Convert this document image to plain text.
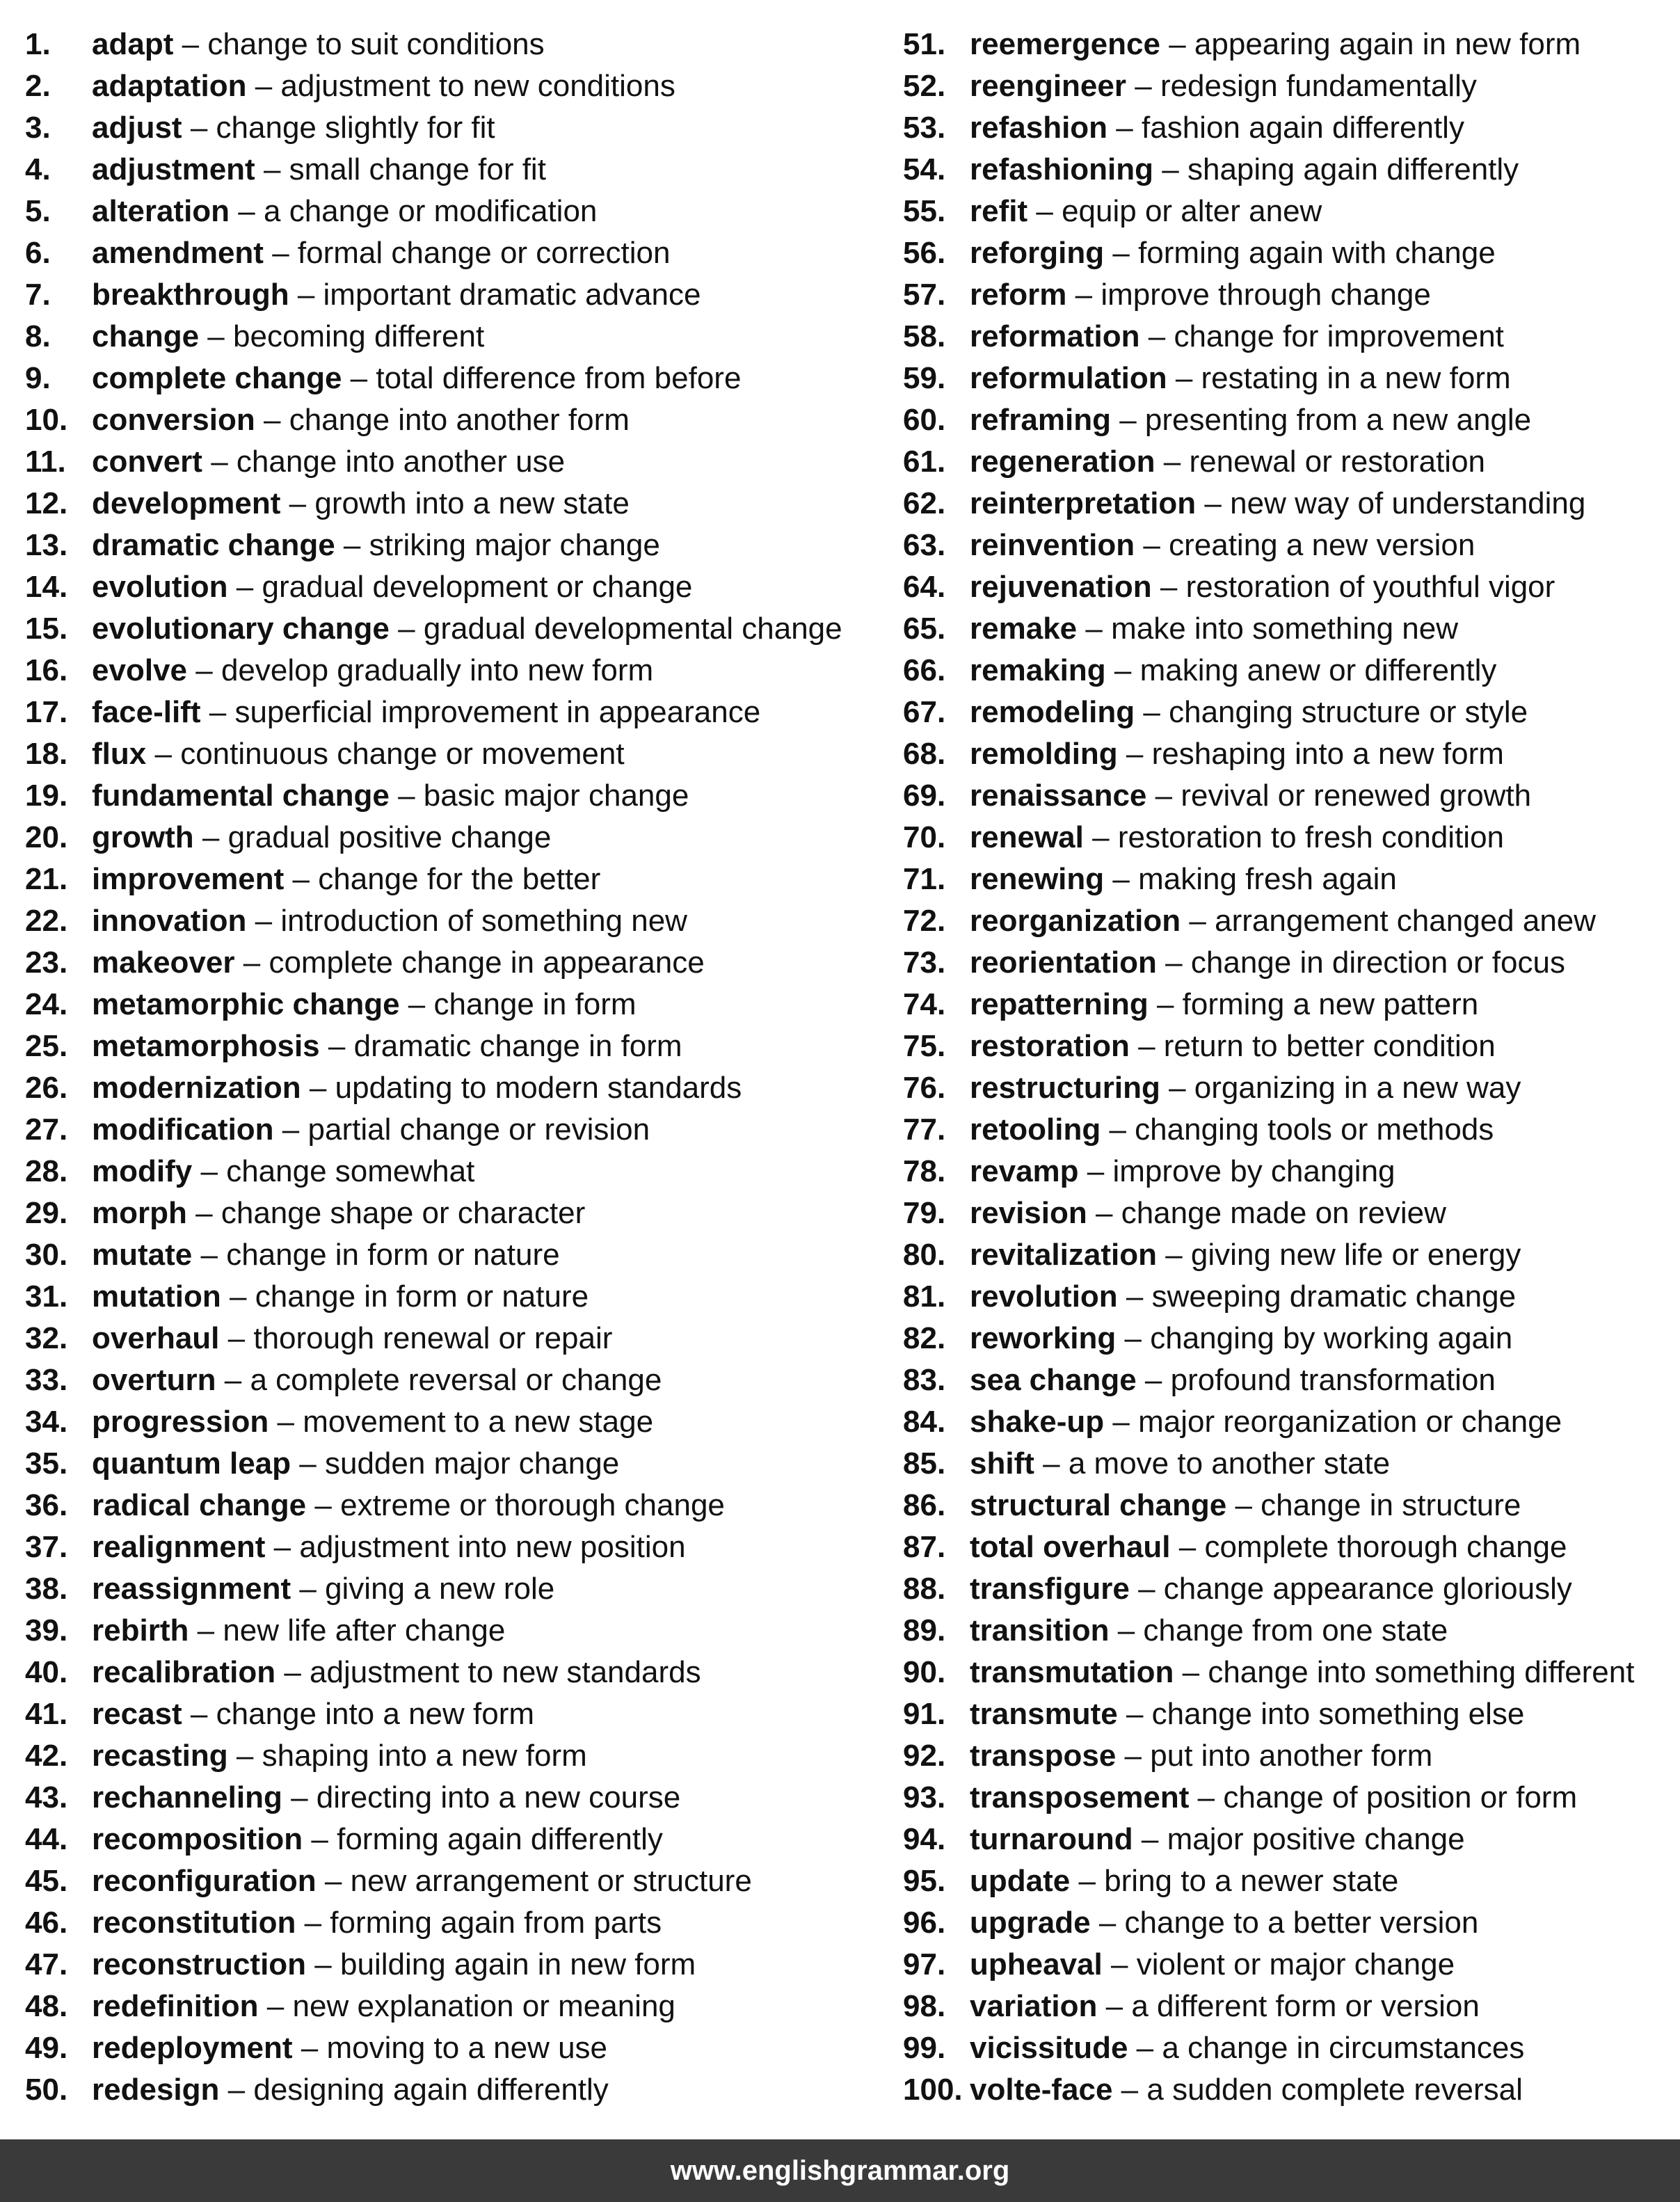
1. adapt – change to suit conditions
2. adaptation – adjustment to new conditions
3. adjust – change slightly for fit
4. adjustment – small change for fit
5. alteration – a change or modification
6. amendment – formal change or correction
7. breakthrough – important dramatic advance
8. change – becoming different
9. complete change – total difference from before
10. conversion – change into another form
11. convert – change into another use
12. development – growth into a new state
13. dramatic change – striking major change
14. evolution – gradual development or change
15. evolutionary change – gradual developmental change
16. evolve – develop gradually into new form
17. face-lift – superficial improvement in appearance
18. flux – continuous change or movement
19. fundamental change – basic major change
20. growth – gradual positive change
21. improvement – change for the better
22. innovation – introduction of something new
23. makeover – complete change in appearance
24. metamorphic change – change in form
25. metamorphosis – dramatic change in form
26. modernization – updating to modern standards
27. modification – partial change or revision
28. modify – change somewhat
29. morph – change shape or character
30. mutate – change in form or nature
31. mutation – change in form or nature
32. overhaul – thorough renewal or repair
33. overturn – a complete reversal or change
34. progression – movement to a new stage
35. quantum leap – sudden major change
36. radical change – extreme or thorough change
37. realignment – adjustment into new position
38. reassignment – giving a new role
39. rebirth – new life after change
40. recalibration – adjustment to new standards
41. recast – change into a new form
42. recasting – shaping into a new form
43. rechanneling – directing into a new course
44. recomposition – forming again differently
45. reconfiguration – new arrangement or structure
46. reconstitution – forming again from parts
47. reconstruction – building again in new form
48. redefinition – new explanation or meaning
49. redeployment – moving to a new use
50. redesign – designing again differently
51. reemergence – appearing again in new form
52. reengineer – redesign fundamentally
53. refashion – fashion again differently
54. refashioning – shaping again differently
55. refit – equip or alter anew
56. reforging – forming again with change
57. reform – improve through change
58. reformation – change for improvement
59. reformulation – restating in a new form
60. reframing – presenting from a new angle
61. regeneration – renewal or restoration
62. reinterpretation – new way of understanding
63. reinvention – creating a new version
64. rejuvenation – restoration of youthful vigor
65. remake – make into something new
66. remaking – making anew or differently
67. remodeling – changing structure or style
68. remolding – reshaping into a new form
69. renaissance – revival or renewed growth
70. renewal – restoration to fresh condition
71. renewing – making fresh again
72. reorganization – arrangement changed anew
73. reorientation – change in direction or focus
74. repatterning – forming a new pattern
75. restoration – return to better condition
76. restructuring – organizing in a new way
77. retooling – changing tools or methods
78. revamp – improve by changing
79. revision – change made on review
80. revitalization – giving new life or energy
81. revolution – sweeping dramatic change
82. reworking – changing by working again
83. sea change – profound transformation
84. shake-up – major reorganization or change
85. shift – a move to another state
86. structural change – change in structure
87. total overhaul – complete thorough change
88. transfigure – change appearance gloriously
89. transition – change from one state
90. transmutation – change into something different
91. transmute – change into something else
92. transpose – put into another form
93. transposement – change of position or form
94. turnaround – major positive change
95. update – bring to a newer state
96. upgrade – change to a better version
97. upheaval – violent or major change
98. variation – a different form or version
99. vicissitude – a change in circumstances
100. volte-face – a sudden complete reversal
www.englishgrammar.org
